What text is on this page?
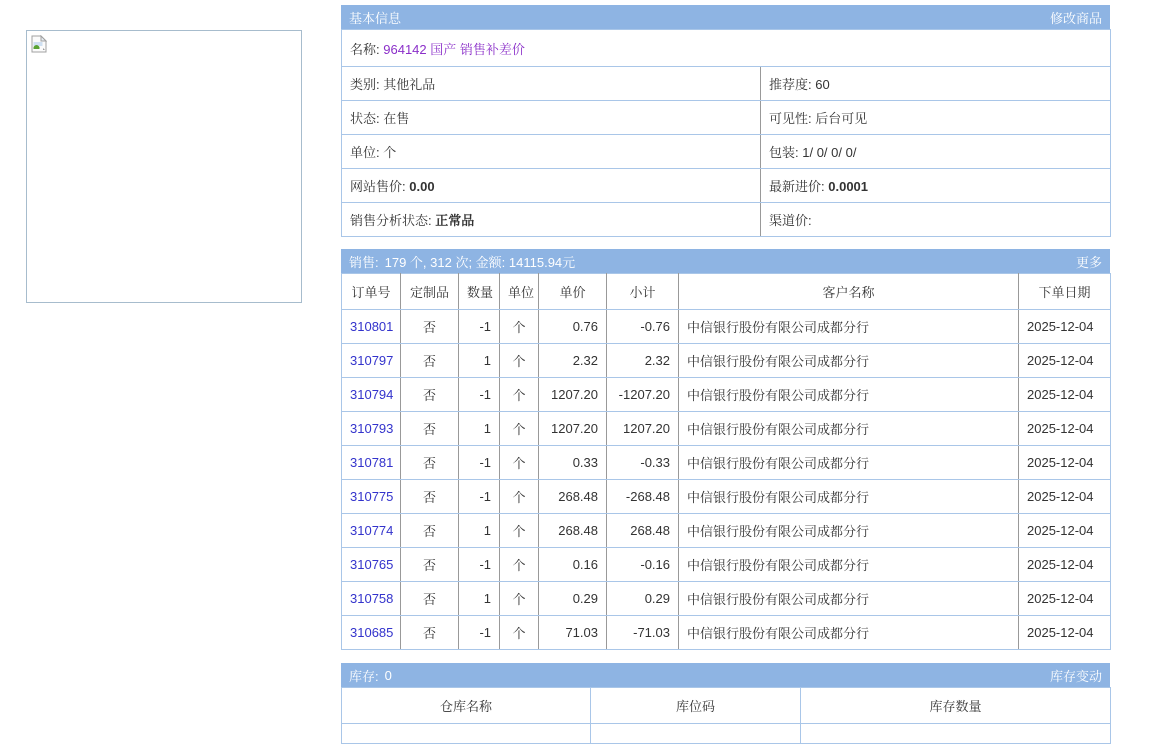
基本信息	修改商品
名称: 964142 国产 销售补差价	
类别: 其他礼品	推荐度: 60
状态: 在售	可见性: 后台可见
单位: 个	包装: 1/ 0/ 0/ 0/
网站售价: 0.00	最新进价: 0.0001
销售分析状态: 正常品	渠道价:
销售: 179 个, 312 次; 金额: 14115.94元	更多
订单号	定制品	数量	单位	单价	小计	客户名称	下单日期
310801	否	-1	个	0.76	-0.76	中信银行股份有限公司成都分行	2025-12-04
310797	否	1	个	2.32	2.32	中信银行股份有限公司成都分行	2025-12-04
310794	否	-1	个	1207.20	-1207.20	中信银行股份有限公司成都分行	2025-12-04
310793	否	1	个	1207.20	1207.20	中信银行股份有限公司成都分行	2025-12-04
310781	否	-1	个	0.33	-0.33	中信银行股份有限公司成都分行	2025-12-04
310775	否	-1	个	268.48	-268.48	中信银行股份有限公司成都分行	2025-12-04
310774	否	1	个	268.48	268.48	中信银行股份有限公司成都分行	2025-12-04
310765	否	-1	个	0.16	-0.16	中信银行股份有限公司成都分行	2025-12-04
310758	否	1	个	0.29	0.29	中信银行股份有限公司成都分行	2025-12-04
310685	否	-1	个	71.03	-71.03	中信银行股份有限公司成都分行	2025-12-04
库存: 0	库存变动
仓库名称	库位码	库存数量
